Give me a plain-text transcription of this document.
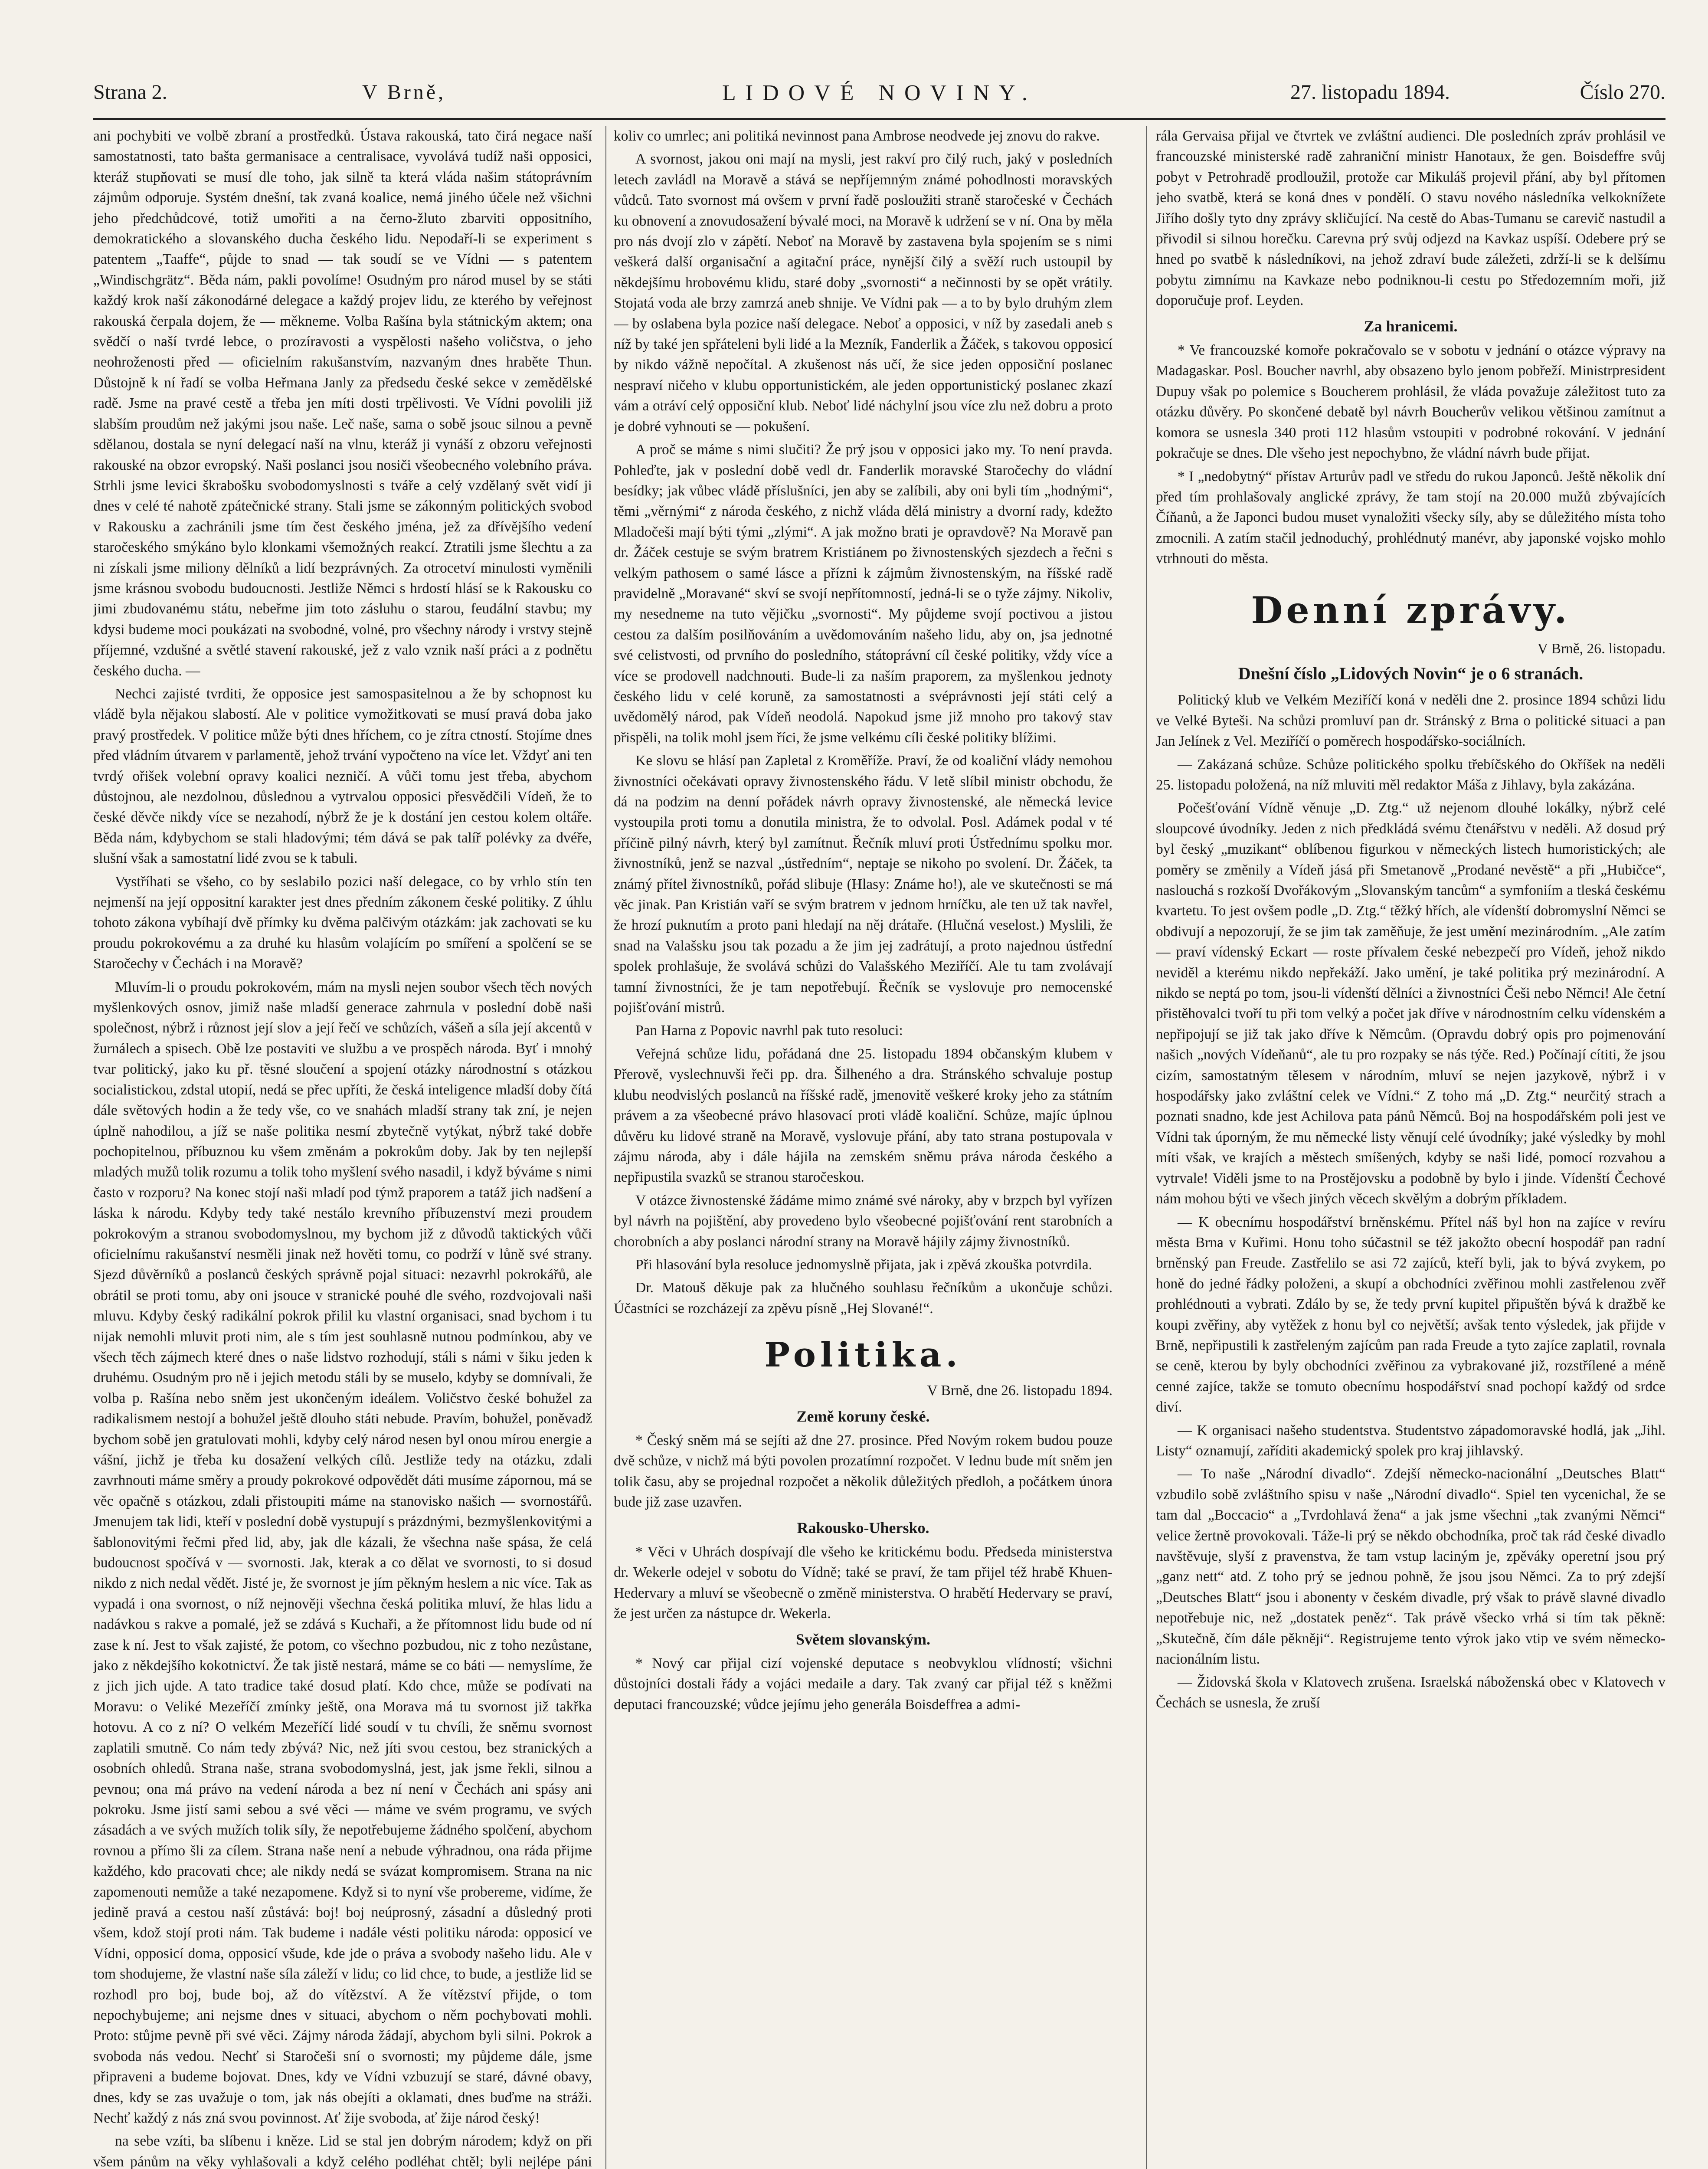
Strana 2.	V Brně,	LIDOVÉ NOVINY.	27. listopadu 1894.	Číslo 270.

ani pochybiti ve volbě zbraní a prostředků. Ústava rakouská, tato čirá negace naší samostatnosti, tato bašta germanisace a centralisace, vyvolává tudíž naši opposici, kteráž stupňovati se musí dle toho, jak silně ta která vláda našim státoprávním zájmům odporuje. Systém dnešní, tak zvaná koalice, nemá jiného účele než všichni jeho předchůdcové, totiž umořiti a na černo-žluto zbarviti oppositního, demokratického a slovanského ducha českého lidu. Nepodaří-li se experiment s patentem „Taaffe“, půjde to snad — tak soudí se ve Vídni — s patentem „Windischgrätz“. Běda nám, pakli povolíme! Osudným pro národ musel by se státi každý krok naší zákonodárné delegace a každý projev lidu, ze kterého by veřejnost rakouská čerpala dojem, že — měkneme. Volba Rašína byla státnickým aktem; ona svědčí o naší tvrdé lebce, o prozíravosti a vyspělosti našeho voličstva, o jeho neohroženosti před — oficielním rakušanstvím, nazvaným dnes hraběte Thun. Důstojně k ní řadí se volba Heřmana Janly za předsedu české sekce v zemědělské radě. Jsme na pravé cestě a třeba jen míti dosti trpělivosti. Ve Vídni povolili již slabším proudům než jakými jsou naše. Leč naše, sama o sobě jsouc silnou a pevně sdělanou, dostala se nyní delegací naší na vlnu, kteráž ji vynáší z obzoru veřejnosti rakouské na obzor evropský. Naši poslanci jsou nosiči všeobecného volebního práva. Strhli jsme levici škrabošku svobodomyslnosti s tváře a celý vzdělaný svět vidí ji dnes v celé té nahotě zpátečnické strany. Stali jsme se zákonným politických svobod v Rakousku a zachránili jsme tím čest českého jména, jež za dřívějšího vedení staročeského smýkáno bylo klonkami všemožných reakcí. Ztratili jsme šlechtu a za ni získali jsme miliony dělníků a lidí bezprávných. Za otrocetví minulosti vyměnili jsme krásnou svobodu budoucnosti. Jestliže Němci s hrdostí hlásí se k Rakousku co jimi zbudovanému státu, nebeřme jim toto zásluhu o starou, feudální stavbu; my kdysi budeme moci poukázati na svobodné, volné, pro všechny národy i vrstvy stejně příjemné, vzdušné a světlé stavení rakouské, jež z valo vznik naší práci a z podnětu českého ducha. —

Nechci zajisté tvrditi, že opposice jest samospasitelnou a že by schopnost ku vládě byla nějakou slabostí. Ale v politice vymožitkovati se musí pravá doba jako pravý prostředek. V politice může býti dnes hříchem, co je zítra ctností. Stojíme dnes před vládním útvarem v parlamentě, jehož trvání vypočteno na více let. Vždyť ani ten tvrdý ořišek volební opravy koalici nezničí. A vůči tomu jest třeba, abychom důstojnou, ale nezdolnou, důslednou a vytrvalou opposici přesvědčili Vídeň, že to české děvče nikdy více se nezahodí, nýbrž že je k dostání jen cestou kolem oltáře. Běda nám, kdybychom se stali hladovými; tém dává se pak talíř polévky za dvéře, slušní však a samostatní lidé zvou se k tabuli.

Vystříhati se všeho, co by seslabilo pozici naší delegace, co by vrhlo stín ten nejmenší na její oppositní karakter jest dnes předním zákonem české politiky. Z úhlu tohoto zákona vybíhají dvě přímky ku dvěma palčivým otázkám: jak zachovati se ku proudu pokrokovému a za druhé ku hlasům volajícím po smíření a spolčení se se Staročechy v Čechách i na Moravě?

Mluvím-li o proudu pokrokovém, mám na mysli nejen soubor všech těch nových myšlenkových osnov, jimiž naše mladší generace zahrnula v poslední době naši společnost, nýbrž i různost její slov a její řečí ve schůzích, vášeň a síla její akcentů v žurnálech a spisech. Obě lze postaviti ve službu a ve prospěch národa. Byť i mnohý tvar politický, jako ku př. těsné sloučení a spojení otázky národnostní s otázkou socialistickou, zdstal utopií, nedá se přec upříti, že česká inteligence mladší doby čítá dále světových hodin a že tedy vše, co ve snahách mladší strany tak zní, je nejen úplně nahodilou, a jíž se naše politika nesmí zbytečně vytýkat, nýbrž také dobře pochopitelnou, příbuznou ku všem změnám a pokrokům doby. Jak by ten nejlepší mladých mužů tolik rozumu a tolik toho myšlení svého nasadil, i když býváme s nimi často v rozporu? Na konec stojí naši mladí pod týmž praporem a tatáž jich nadšení a láska k národu. Kdyby tedy také nestálo krevního příbuzenství mezi proudem pokrokovým a stranou svobodomyslnou, my bychom již z důvodů taktických vůči oficielnímu rakušanství nesměli jinak než hověti tomu, co podrží v lůně své strany. Sjezd důvěrníků a poslanců českých správně pojal situaci: nezavrhl pokrokářů, ale obrátil se proti tomu, aby oni jsouce v stranické pouhé dle svého, rozdvojovali naši mluvu. Kdyby český radikální pokrok přilil ku vlastní organisaci, snad bychom i tu nijak nemohli mluvit proti nim, ale s tím jest souhlasně nutnou podmínkou, aby ve všech těch zájmech které dnes o naše lidstvo rozhodují, stáli s námi v šiku jeden k druhému. Osudným pro ně i jejich metodu stáli by se muselo, kdyby se domnívali, že volba p. Rašína nebo sněm jest ukončeným ideálem. Voličstvo české bohužel za radikalismem nestojí a bohužel ještě dlouho státi nebude. Pravím, bohužel, poněvadž bychom sobě jen gratulovati mohli, kdyby celý národ nesen byl onou mírou energie a vášní, jichž je třeba ku dosažení velkých cílů. Jestliže tedy na otázku, zdali zavrhnouti máme směry a proudy pokrokové odpovědět dáti musíme zápornou, má se věc opačně s otázkou, zdali přistoupiti máme na stanovisko našich — svornostářů. Jmenujem tak lidi, kteří v poslední době vystupují s prázdnými, bezmyšlenkovitými a šablonovitými řečmi před lid, aby, jak dle kázali, že všechna naše spása, že celá budoucnost spočívá v — svornosti. Jak, kterak a co dělat ve svornosti, to si dosud nikdo z nich nedal vědět. Jisté je, že svornost je jím pěkným heslem a nic více. Tak as vypadá i ona svornost, o níž nejnověji všechna česká politika mluví, že hlas lidu a nadávkou s rakve a pomalé, jež se zdává s Kuchaři, a že přítomnost lidu bude od ní zase k ní. Jest to však zajisté, že potom, co všechno pozbudou, nic z toho nezůstane, jako z někdejšího kokotnictví. Že tak jistě nestará, máme se co báti — nemyslíme, že z jich jich ujde. A tato tradice také dosud platí. Kdo chce, může se podívati na Moravu: o Veliké Mezeříčí zmínky ještě, ona Morava má tu svornost již takřka hotovu. A co z ní? O velkém Mezeříčí lidé soudí v tu chvíli, že sněmu svornost zaplatili smutně. Co nám tedy zbývá? Nic, než jíti svou cestou, bez stranických a osobních ohledů. Strana naše, strana svobodomyslná, jest, jak jsme řekli, silnou a pevnou; ona má právo na vedení národa a bez ní není v Čechách ani spásy ani pokroku. Jsme jistí sami sebou a své věci — máme ve svém programu, ve svých zásadách a ve svých mužích tolik síly, že nepotřebujeme žádného spolčení, abychom rovnou a přímo šli za cílem. Strana naše není a nebude výhradnou, ona ráda přijme každého, kdo pracovati chce; ale nikdy nedá se svázat kompromisem. Strana na nic zapomenouti nemůže a také nezapomene. Když si to nyní vše probereme, vidíme, že jedině pravá a cestou naší zůstává: boj! boj neúprosný, zásadní a důsledný proti všem, kdož stojí proti nám. Tak budeme i nadále vésti politiku národa: opposicí ve Vídni, opposicí doma, opposicí všude, kde jde o práva a svobody našeho lidu. Ale v tom shodujeme, že vlastní naše síla záleží v lidu; co lid chce, to bude, a jestliže lid se rozhodl pro boj, bude boj, až do vítězství. A že vítězství přijde, o tom nepochybujeme; ani nejsme dnes v situaci, abychom o něm pochybovati mohli. Proto: stůjme pevně při své věci. Zájmy národa žádají, abychom byli silni. Pokrok a svoboda nás vedou. Nechť si Staročeši sní o svornosti; my půjdeme dále, jsme připraveni a budeme bojovat. Dnes, kdy ve Vídni vzbuzují se staré, dávné obavy, dnes, kdy se zas uvažuje o tom, jak nás obejíti a oklamati, dnes buďme na stráži. Nechť každý z nás zná svou povinnost. Ať žije svoboda, ať žije národ český!

na sebe vzíti, ba slíbenu i kněze. Lid se stal jen dobrým národem; když on při všem pánům na věky vyhlašovali a když celého podléhat chtěl; byli nejlépe páni

koliv co umrlec; ani politiká nevinnost pana Ambrose neodvede jej znovu do rakve.

A svornost, jakou oni mají na mysli, jest rakví pro čilý ruch, jaký v posledních letech zavládl na Moravě a stává se nepříjemným známé pohodlnosti moravských vůdců. Tato svornost má ovšem v první řadě posloužiti straně staročeské v Čechách ku obnovení a znovudosažení bývalé moci, na Moravě k udržení se v ní. Ona by měla pro nás dvojí zlo v zápětí. Neboť na Moravě by zastavena byla spojením se s nimi veškerá další organisační a agitační práce, nynější čilý a svěží ruch ustoupil by někdejšímu hrobovému klidu, staré doby „svornosti“ a nečinnosti by se opět vrátily. Stojatá voda ale brzy zamrzá aneb shnije. Ve Vídni pak — a to by bylo druhým zlem — by oslabena byla pozice naší delegace. Neboť a opposici, v níž by zasedali aneb s níž by také jen spřáteleni byli lidé a la Mezník, Fanderlik a Žáček, s takovou opposicí by nikdo vážně nepočítal. A zkušenost nás učí, že sice jeden opposiční poslanec nespraví ničeho v klubu opportunistickém, ale jeden opportunistický poslanec zkazí vám a otráví celý opposiční klub. Neboť lidé náchylní jsou více zlu než dobru a proto je dobré vyhnouti se — pokušení.

A proč se máme s nimi slučiti? Že prý jsou v opposici jako my. To není pravda. Pohleďte, jak v poslední době vedl dr. Fanderlik moravské Staročechy do vládní besídky; jak vůbec vládě příslušníci, jen aby se zalíbili, aby oni byli tím „hodnými“, těmi „věrnými“ z národa českého, z nichž vláda dělá ministry a dvorní rady, kdežto Mladočeši mají býti tými „zlými“. A jak možno brati je opravdově? Na Moravě pan dr. Žáček cestuje se svým bratrem Kristiánem po živnostenských sjezdech a řečni s velkým pathosem o samé lásce a přízni k zájmům živnostenským, na říšské radě pravidelně „Moravané“ skví se svojí nepřítomností, jedná-li se o tyže zájmy. Nikoliv, my nesedneme na tuto vějičku „svornosti“. My půjdeme svojí poctivou a jistou cestou za dalším posilňováním a uvědomováním našeho lidu, aby on, jsa jednotné své celistvosti, od prvního do posledního, státoprávní cíl české politiky, vždy více a více se prodovell nadchnouti. Bude-li za naším praporem, za myšlenkou jednoty českého lidu v celé koruně, za samostatnosti a svéprávnosti její státi celý a uvědomělý národ, pak Vídeň neodolá. Napokud jsme již mnoho pro takový stav přispěli, na tolik mohl jsem říci, že jsme velkému cíli české politiky blížimi.

Ke slovu se hlásí pan Zapletal z Kroměříže. Praví, že od koaliční vlády nemohou živnostníci očekávati opravy živnostenského řádu. V letě slíbil ministr obchodu, že dá na podzim na denní pořádek návrh opravy živnostenské, ale německá levice vystoupila proti tomu a donutila ministra, že to odvolal. Posl. Adámek podal v té příčině pilný návrh, který byl zamítnut. Řečník mluví proti Ústřednímu spolku mor. živnostníků, jenž se nazval „ústředním“, neptaje se nikoho po svolení. Dr. Žáček, ta známý přítel živnostníků, pořád slibuje (Hlasy: Známe ho!), ale ve skutečnosti se má věc jinak. Pan Kristián vaří se svým bratrem v jednom hrníčku, ale ten už tak navřel, že hrozí puknutím a proto pani hledají na něj drátaře. (Hlučná veselost.) Myslili, že snad na Valašsku jsou tak pozadu a že jim jej zadrátují, a proto najednou ústřední spolek prohlašuje, že svolává schůzi do Valašského Meziříčí. Ale tu tam zvolávají tamní živnostníci, že je tam nepotřebují. Řečník se vyslovuje pro nemocenské pojišťování mistrů.

Pan Harna z Popovic navrhl pak tuto resoluci:

Veřejná schůze lidu, pořádaná dne 25. listopadu 1894 občanským klubem v Přerově, vyslechnuvši řeči pp. dra. Šilheného a dra. Stránského schvaluje postup klubu neodvislých poslanců na říšské radě, jmenovitě veškeré kroky jeho za státním právem a za všeobecné právo hlasovací proti vládě koaliční. Schůze, majíc úplnou důvěru ku lidové straně na Moravě, vyslovuje přání, aby tato strana postupovala v zájmu národa, aby i dále hájila na zemském sněmu práva národa českého a nepřipustila svazků se stranou staročeskou.

V otázce živnostenské žádáme mimo známé své nároky, aby v brzpch byl vyřízen byl návrh na pojištění, aby provedeno bylo všeobecné pojišťování rent starobních a chorobních a aby poslanci národní strany na Moravě hájily zájmy živnostníků.

Při hlasování byla resoluce jednomyslně přijata, jak i zpěvá zkouška potvrdila.

Dr. Matouš děkuje pak za hlučného souhlasu řečníkům a ukončuje schůzi. Účastníci se rozcházejí za zpěvu písně „Hej Slované!“.

Politika.

V Brně, dne 26. listopadu 1894.

Země koruny české.

* Český sněm má se sejíti až dne 27. prosince. Před Novým rokem budou pouze dvě schůze, v nichž má býti povolen prozatímní rozpočet. V lednu bude mít sněm jen tolik času, aby se projednal rozpočet a několik důležitých předloh, a počátkem února bude již zase uzavřen.

Rakousko-Uhersko.

* Věci v Uhrách dospívají dle všeho ke kritickému bodu. Předseda ministerstva dr. Wekerle odejel v sobotu do Vídně; také se praví, že tam přijel též hrabě Khuen-Hedervary a mluví se všeobecně o změně ministerstva. O hrabětí Hedervary se praví, že jest určen za nástupce dr. Wekerla.

Světem slovanským.

* Nový car přijal cizí vojenské deputace s neobvyklou vlídností; všichni důstojníci dostali řády a vojáci medaile a dary. Tak zvaný car přijal též s kněžmi deputaci francouzské; vůdce jejímu jeho generála Boisdeffrea a admi-

rála Gervaisa přijal ve čtvrtek ve zvláštní audienci. Dle posledních zpráv prohlásil ve francouzské ministerské radě zahraniční ministr Hanotaux, že gen. Boisdeffre svůj pobyt v Petrohradě prodloužil, protože car Mikuláš projevil přání, aby byl přítomen jeho svatbě, která se koná dnes v pondělí. O stavu nového následníka velkoknížete Jiřího došly tyto dny zprávy skličující. Na cestě do Abas-Tumanu se carevič nastudil a přivodil si silnou horečku. Carevna prý svůj odjezd na Kavkaz uspíší. Odebere prý se hned po svatbě k následníkovi, na jehož zdraví bude záležeti, zdrží-li se k delšímu pobytu zimnímu na Kavkaze nebo podniknou-li cestu po Středozemním moři, již doporučuje prof. Leyden.

Za hranicemi.

* Ve francouzské komoře pokračovalo se v sobotu v jednání o otázce výpravy na Madagaskar. Posl. Boucher navrhl, aby obsazeno bylo jenom pobřeží. Ministrpresident Dupuy však po polemice s Boucherem prohlásil, že vláda považuje záležitost tuto za otázku důvěry. Po skončené debatě byl návrh Boucherův velikou většinou zamítnut a komora se usnesla 340 proti 112 hlasům vstoupiti v podrobné rokování. V jednání pokračuje se dnes. Dle všeho jest nepochybno, že vládní návrh bude přijat.

* I „nedobytný“ přístav Arturův padl ve středu do rukou Japonců. Ještě několik dní před tím prohlašovaly anglické zprávy, že tam stojí na 20.000 mužů zbývajících Číňanů, a že Japonci budou muset vynaložiti všecky síly, aby se důležitého místa toho zmocnili. A zatím stačil jednoduchý, prohlédnutý manévr, aby japonské vojsko mohlo vtrhnouti do města.

Denní zprávy.

V Brně, 26. listopadu.

Dnešní číslo „Lidových Novin“ je o 6 stranách.

Politický klub ve Velkém Meziříčí koná v neděli dne 2. prosince 1894 schůzi lidu ve Velké Byteši. Na schůzi promluví pan dr. Stránský z Brna o politické situaci a pan Jan Jelínek z Vel. Meziříčí o poměrech hospodářsko-sociálních.

— Zakázaná schůze. Schůze politického spolku třebíčského do Okříšek na neděli 25. listopadu položená, na níž mluviti měl redaktor Máša z Jihlavy, byla zakázána.

Počešťování Vídně věnuje „D. Ztg.“ už nejenom dlouhé lokálky, nýbrž celé sloupcové úvodníky. Jeden z nich předkládá svému čtenářstvu v neděli. Až dosud prý byl český „muzikant“ oblíbenou figurkou v německých listech humoristických; ale poměry se změnily a Vídeň jásá při Smetanově „Prodané nevěstě“ a při „Hubičce“, naslouchá s rozkoší Dvořákovým „Slovanským tancům“ a symfoniím a tleská českému kvartetu. To jest ovšem podle „D. Ztg.“ těžký hřích, ale vídenští dobromyslní Němci se obdivují a nepozorují, že se jim tak zaměňuje, že jest umění mezinárodním. „Ale zatím — praví vídenský Eckart — roste přívalem české nebezpečí pro Vídeň, jehož nikdo neviděl a kterému nikdo nepřekáží. Jako umění, je také politika prý mezinárodní. A nikdo se neptá po tom, jsou-li vídenští dělníci a živnostníci Češi nebo Němci! Ale četní přistěhovalci tvoří tu při tom velký a počet jak dříve v národnostním celku vídenském a nepřipojují se již tak jako dříve k Němcům. (Opravdu dobrý opis pro pojmenování našich „nových Vídeňanů“, ale tu pro rozpaky se nás týče. Red.) Počínají cítiti, že jsou cizím, samostatným tělesem v národním, mluví se nejen jazykově, nýbrž i v hospodářsky jako zvláštní celek ve Vídni.“ Z toho má „D. Ztg.“ neurčitý strach a poznati snadno, kde jest Achilova pata pánů Němců. Boj na hospodářském poli jest ve Vídni tak úporným, že mu německé listy věnují celé úvodníky; jaké výsledky by mohl míti však, ve krajích a městech smíšených, kdyby se naši lidé, pomocí rozvahou a vytrvale! Viděli jsme to na Prostějovsku a podobně by bylo i jinde. Vídenští Čechové nám mohou býti ve všech jiných věcech skvělým a dobrým příkladem.

— K obecnímu hospodářství brněnskému. Přítel náš byl hon na zajíce v revíru města Brna v Kuřimi. Honu toho súčastnil se též jakožto obecní hospodář pan radní brněnský pan Freude. Zastřelilo se asi 72 zajíců, kteří byli, jak to bývá zvykem, po honě do jedné řádky položeni, a skupí a obchodníci zvěřinou mohli zastřelenou zvěř prohlédnouti a vybrati. Zdálo by se, že tedy první kupitel připuštěn bývá k dražbě ke koupi zvěřiny, aby vytěžek z honu byl co největší; avšak tento výsledek, jak přijde v Brně, nepřipustili k zastřeleným zajícům pan rada Freude a tyto zajíce zaplatil, rovnala se ceně, kterou by byly obchodníci zvěřinou za vybrakované již, rozstřílené a méně cenné zajíce, takže se tomuto obecnímu hospodářství snad pochopí každý od srdce diví.

— K organisaci našeho studentstva. Studentstvo západomoravské hodlá, jak „Jihl. Listy“ oznamují, zaříditi akademický spolek pro kraj jihlavský.

— To naše „Národní divadlo“. Zdejší německo-nacionální „Deutsches Blatt“ vzbudilo sobě zvláštního spisu v naše „Národní divadlo“. Spiel ten vycenichal, že se tam dal „Boccacio“ a „Tvrdohlavá žena“ a jak jsme všechni „tak zvanými Němci“ velice žertně provokovali. Táže-li prý se někdo obchodníka, proč tak rád české divadlo navštěvuje, slyší z pravenstva, že tam vstup laciným je, zpěváky operetní jsou prý „ganz nett“ atd. Z toho prý se jednou pohně, že jsou jsou Němci. Za to prý zdejší „Deutsches Blatt“ jsou i abonenty v českém divadle, prý však to právě slavné divadlo nepotřebuje nic, než „dostatek peněz“. Tak právě všecko vrhá si tím tak pěkně: „Skutečně, čím dále pěkněji“. Registrujeme tento výrok jako vtip ve svém německo-nacionálním listu.

— Židovská škola v Klatovech zrušena. Israelská náboženská obec v Klatovech v Čechách se usnesla, že zruší
